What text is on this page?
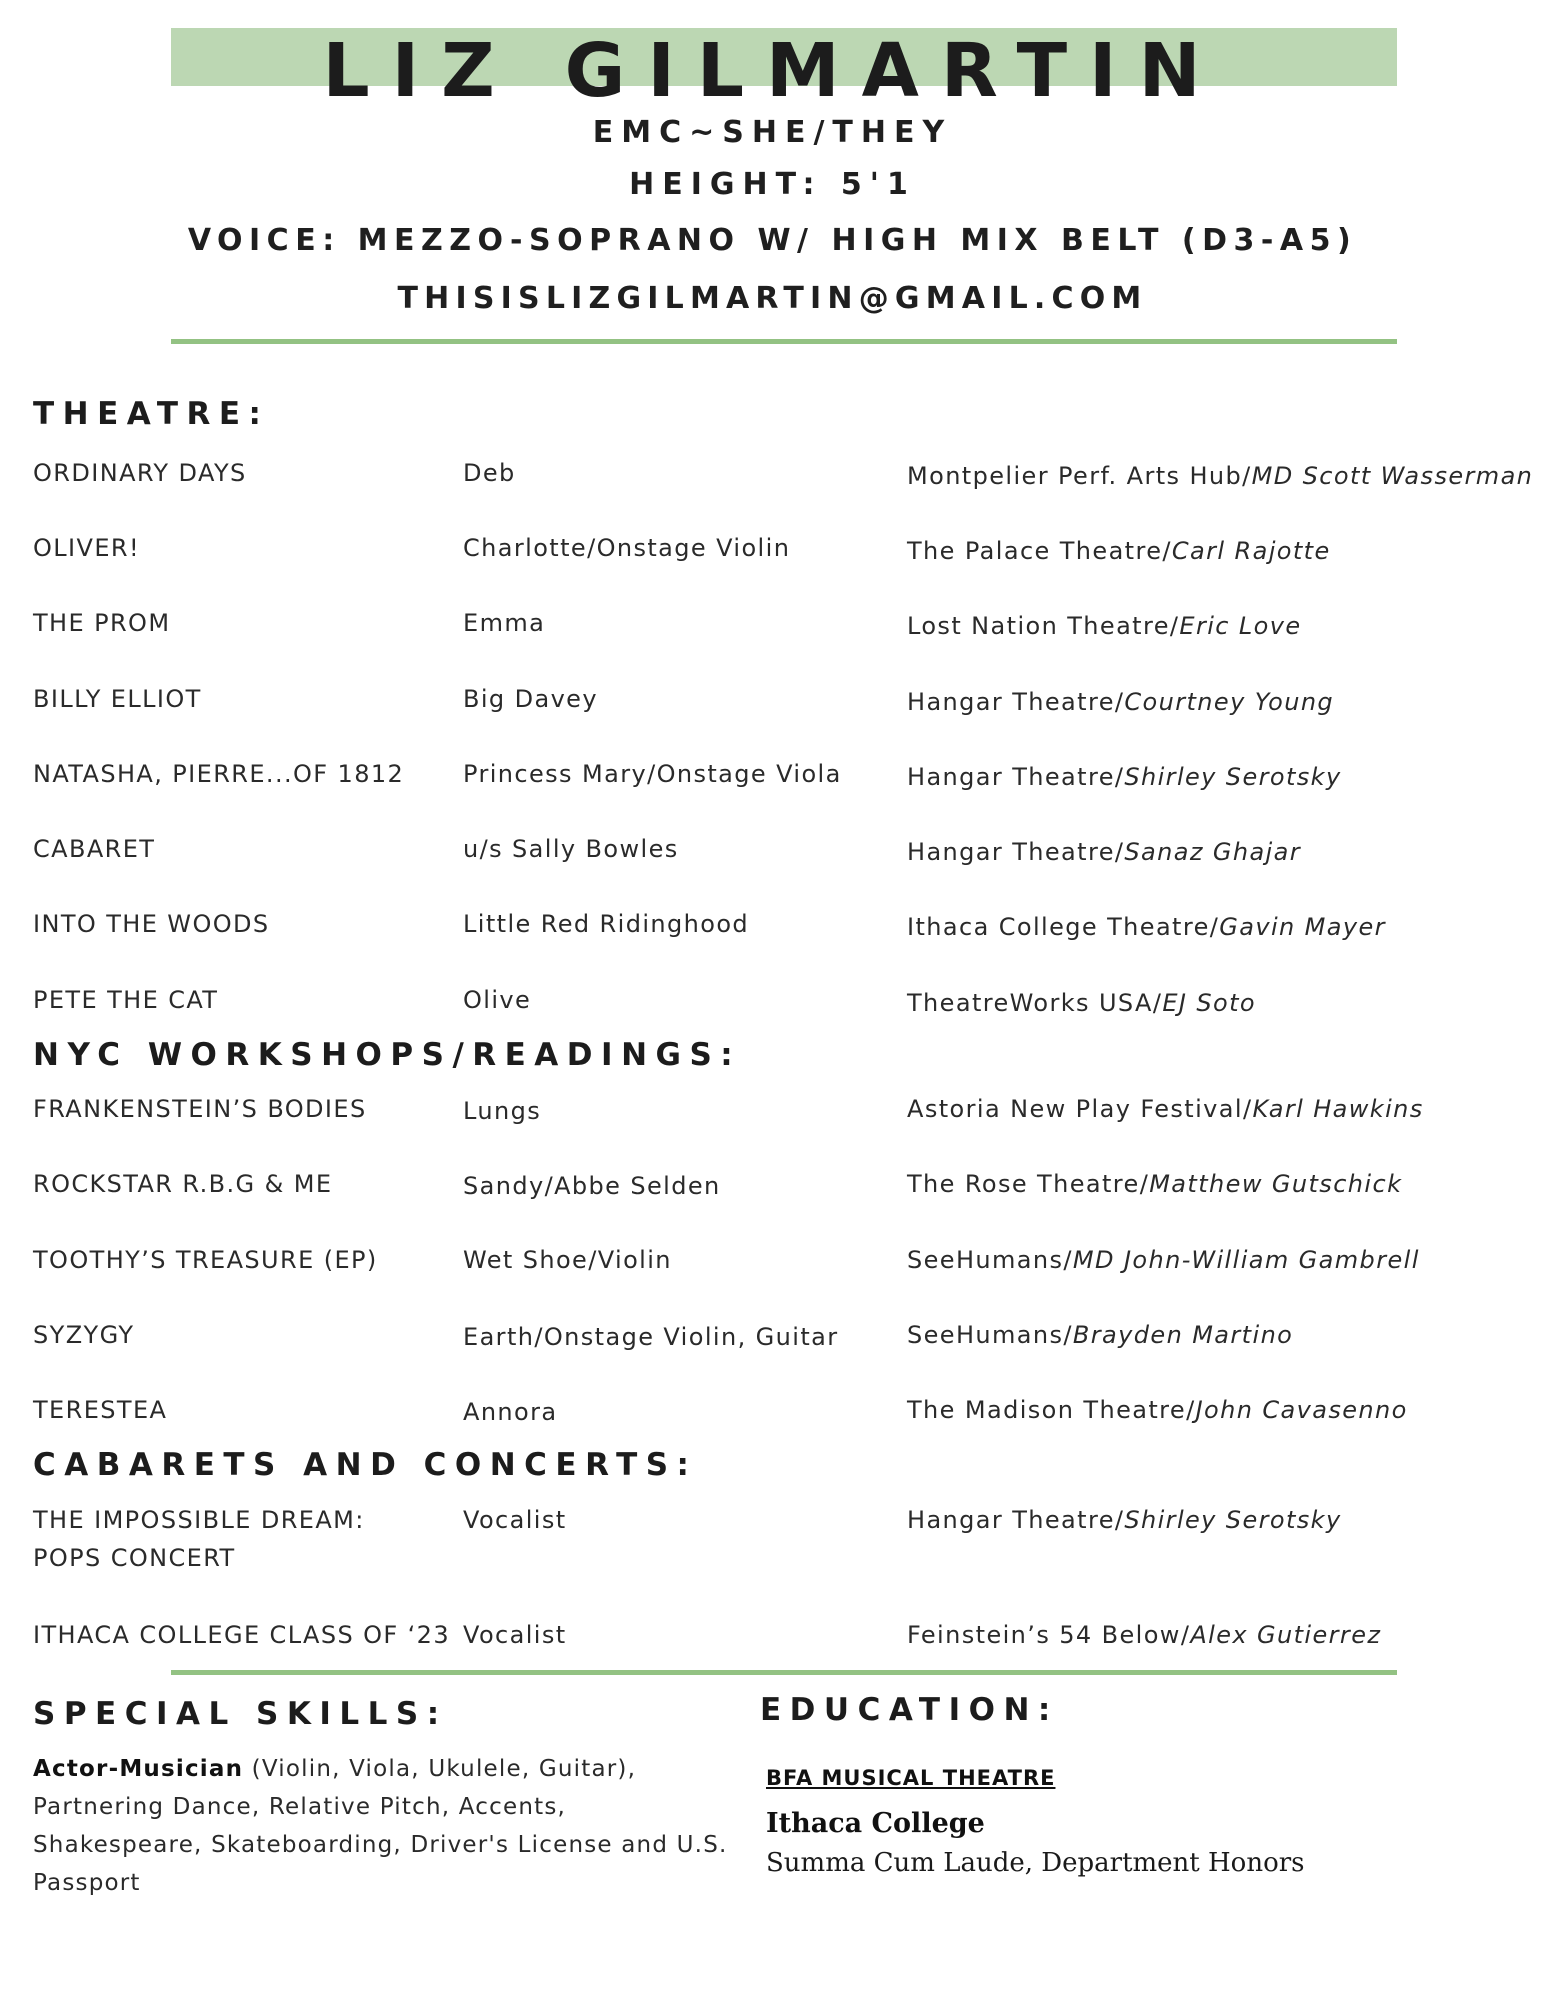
LIZ GILMARTIN
EMC~SHE/THEY
HEIGHT: 5'1
VOICE: MEZZO-SOPRANO W/ HIGH MIX BELT (D3-A5)
THISISLIZGILMARTIN@GMAIL.COM
THEATRE:
ORDINARY DAYS	Deb	Montpelier Perf. Arts Hub/MD Scott Wasserman
OLIVER!	Charlotte/Onstage Violin	The Palace Theatre/Carl Rajotte
THE PROM	Emma	Lost Nation Theatre/Eric Love
BILLY ELLIOT	Big Davey	Hangar Theatre/Courtney Young
NATASHA, PIERRE...OF 1812 Princess Mary/Onstage Viola	Hangar Theatre/Shirley Serotsky
CABARET	u/s Sally Bowles	Hangar Theatre/Sanaz Ghajar
INTO THE WOODS	Little Red Ridinghood	Ithaca College Theatre/Gavin Mayer
PETE THE CAT	Olive	TheatreWorks USA/EJ Soto
NYC WORKSHOPS/READINGS:
FRANKENSTEIN’S BODIES	Lungs	Astoria New Play Festival/Karl Hawkins
ROCKSTAR R.B.G & ME	Sandy/Abbe Selden	The Rose Theatre/Matthew Gutschick
TOOTHY’S TREASURE (EP)	Wet Shoe/Violin	SeeHumans/MD John-William Gambrell
SYZYGY	Earth/Onstage Violin, Guitar	SeeHumans/Brayden Martino
TERESTEA	Annora	The Madison Theatre/John Cavasenno
CABARETS AND CONCERTS:
THE IMPOSSIBLE DREAM:
POPS CONCERT
Vocalist	Hangar Theatre/Shirley Serotsky
ITHACA COLLEGE CLASS OF ‘23 Vocalist	Feinstein’s 54 Below/Alex Gutierrez
SPECIAL SKILLS:
Actor-Musician (Violin, Viola, Ukulele, Guitar), Partnering Dance, Relative Pitch, Accents, Shakespeare, Skateboarding, Driver's License and U.S. Passport
EDUCATION:
BFA MUSICAL THEATRE
Ithaca College
Summa Cum Laude, Department Honors
